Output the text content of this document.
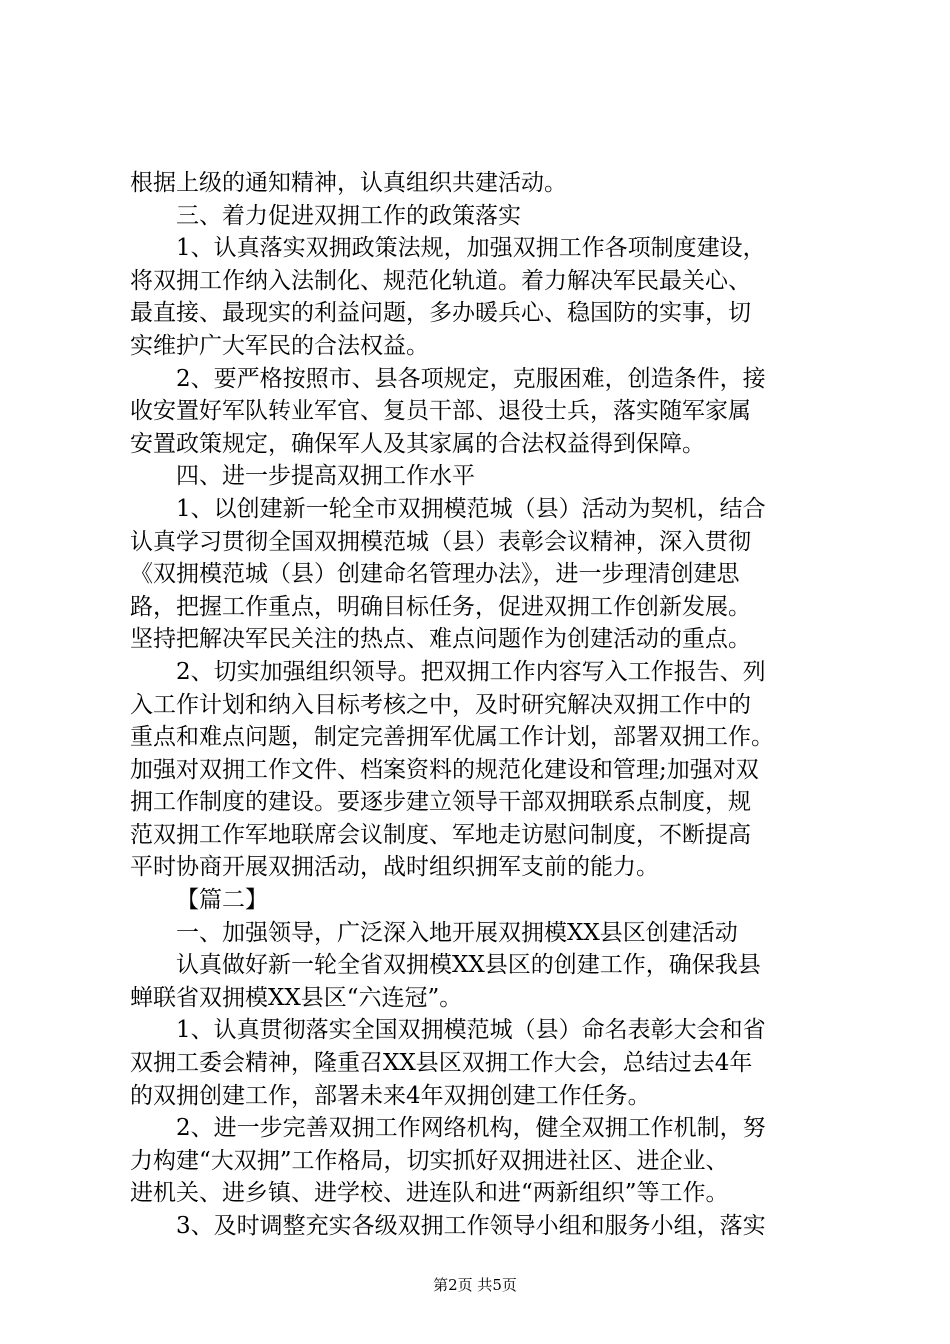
根据上级的通知精神，认真组织共建活动。
三、着力促进双拥工作的政策落实
1、认真落实双拥政策法规，加强双拥工作各项制度建设，
将双拥工作纳入法制化、规范化轨道。着力解决军民最关心、
最直接、最现实的利益问题，多办暖兵心、稳国防的实事，切
实维护广大军民的合法权益。
2、要严格按照市、县各项规定，克服困难，创造条件，接
收安置好军队转业军官、复员干部、退役士兵，落实随军家属
安置政策规定，确保军人及其家属的合法权益得到保障。
四、进一步提高双拥工作水平
1、以创建新一轮全市双拥模范城（县）活动为契机，结合
认真学习贯彻全国双拥模范城（县）表彰会议精神，深入贯彻
《双拥模范城（县）创建命名管理办法》，进一步理清创建思
路，把握工作重点，明确目标任务，促进双拥工作创新发展。
坚持把解决军民关注的热点、难点问题作为创建活动的重点。
2、切实加强组织领导。把双拥工作内容写入工作报告、列
入工作计划和纳入目标考核之中，及时研究解决双拥工作中的
重点和难点问题，制定完善拥军优属工作计划，部署双拥工作。
加强对双拥工作文件、档案资料的规范化建设和管理;加强对双
拥工作制度的建设。要逐步建立领导干部双拥联系点制度，规
范双拥工作军地联席会议制度、军地走访慰问制度，不断提高
平时协商开展双拥活动，战时组织拥军支前的能力。
【篇二】
一、加强领导，广泛深入地开展双拥模XX县区创建活动
认真做好新一轮全省双拥模XX县区的创建工作，确保我县
蝉联省双拥模XX县区“六连冠”。
1、认真贯彻落实全国双拥模范城（县）命名表彰大会和省
双拥工委会精神，隆重召XX县区双拥工作大会，总结过去4年
的双拥创建工作，部署未来4年双拥创建工作任务。
2、进一步完善双拥工作网络机构，健全双拥工作机制，努
力构建“大双拥”工作格局，切实抓好双拥进社区、进企业、
进机关、进乡镇、进学校、进连队和进“两新组织”等工作。
3、及时调整充实各级双拥工作领导小组和服务小组，落实
第2页 共5页
